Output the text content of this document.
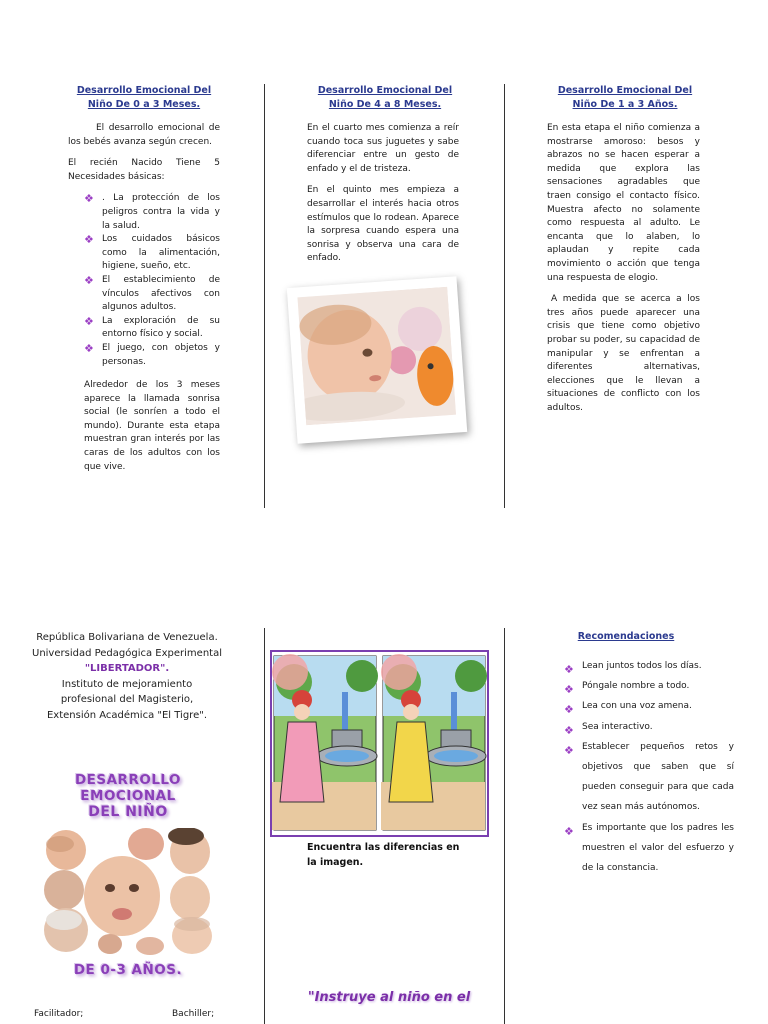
Desarrollo Emocional Del
Niño De 0 a 3 Meses.

El desarrollo emocional de los bebés avanza según crecen.

El recién Nacido Tiene 5 Necesidades básicas:

❖ . La protección de los peligros contra la vida y la salud.
❖ Los cuidados básicos como la alimentación, higiene, sueño, etc.
❖ El establecimiento de vínculos afectivos con algunos adultos.
❖ La exploración de su entorno físico y social.
❖ El juego, con objetos y personas.

Alrededor de los 3 meses aparece la llamada sonrisa social (le sonríen a todo el mundo). Durante esta etapa muestran gran interés por las caras de los adultos con los que vive.

Desarrollo Emocional Del
Niño De 4 a 8 Meses.

En el cuarto mes comienza a reír cuando toca sus juguetes y sabe diferenciar entre un gesto de enfado y el de tristeza.

En el quinto mes empieza a desarrollar el interés hacia otros estímulos que lo rodean. Aparece la sorpresa cuando espera una sonrisa y observa una cara de enfado.

Desarrollo Emocional Del
Niño De 1 a 3 Años.

En esta etapa el niño comienza a mostrarse amoroso: besos y abrazos no se hacen esperar a medida que explora las sensaciones agradables que traen consigo el contacto físico. Muestra afecto no solamente como respuesta al adulto. Le encanta que lo alaben, lo aplaudan y repite cada movimiento o acción que tenga una respuesta de elogio.

A medida que se acerca a los tres años puede aparecer una crisis que tiene como objetivo probar su poder, su capacidad de manipular y se enfrentan a diferentes alternativas, elecciones que le llevan a situaciones de conflicto con los adultos.

República Bolivariana de Venezuela.
Universidad Pedagógica Experimental
"LIBERTADOR".
Instituto de mejoramiento
profesional del Magisterio,
Extensión Académica "El Tigre".
DESARROLLO EMOCIONAL
DEL NIÑO
DE 0-3 AÑOS.
Facilitador;	Bachiller;
Encuentra las diferencias en
la imagen.
"Instruye al niño en el
Recomendaciones
❖ Lean juntos todos los días.
❖ Póngale nombre a todo.
❖ Lea con una voz amena.
❖ Sea interactivo.
❖ Establecer pequeños retos y objetivos que saben que sí pueden conseguir para que cada vez sean más autónomos.
❖ Es importante que los padres les muestren el valor del esfuerzo y de la constancia.
